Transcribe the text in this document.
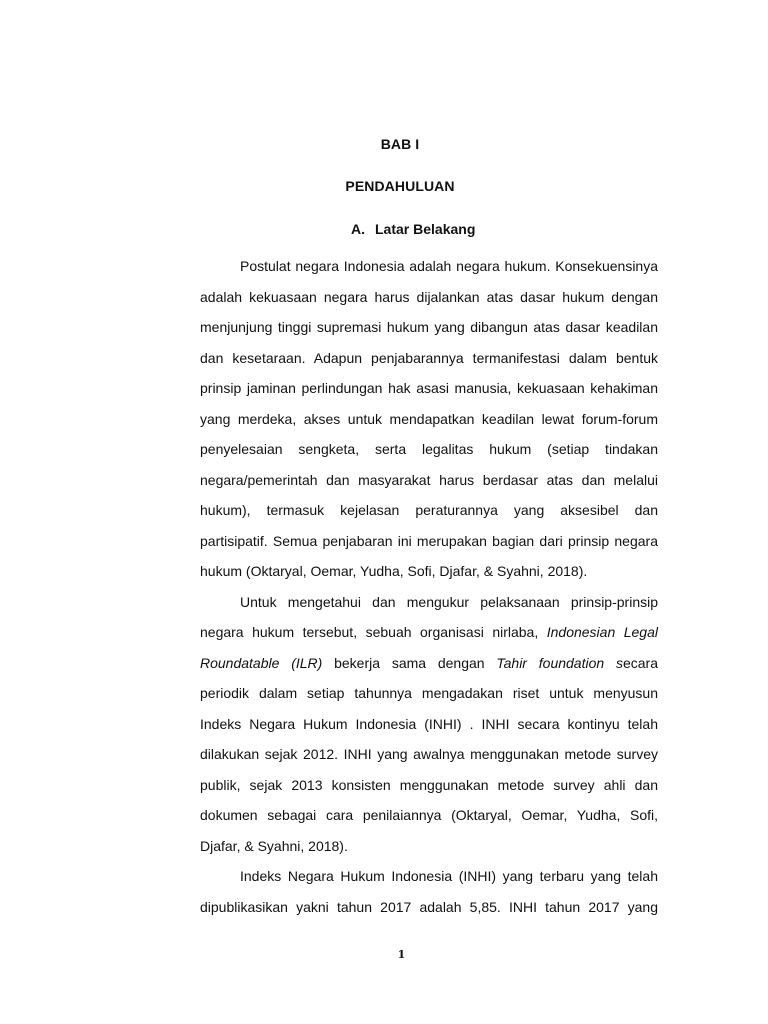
BAB I
PENDAHULUAN
A. Latar Belakang
Postulat negara Indonesia adalah negara hukum. Konsekuensinya
adalah kekuasaan negara harus dijalankan atas dasar hukum dengan
menjunjung tinggi supremasi hukum yang dibangun atas dasar keadilan
dan kesetaraan. Adapun penjabarannya termanifestasi dalam bentuk
prinsip jaminan perlindungan hak asasi manusia, kekuasaan kehakiman
yang merdeka, akses untuk mendapatkan keadilan lewat forum-forum
penyelesaian sengketa, serta legalitas hukum (setiap tindakan
negara/pemerintah dan masyarakat harus berdasar atas dan melalui
hukum), termasuk kejelasan peraturannya yang aksesibel dan
partisipatif. Semua penjabaran ini merupakan bagian dari prinsip negara
hukum (Oktaryal, Oemar, Yudha, Sofi, Djafar, & Syahni, 2018).
Untuk mengetahui dan mengukur pelaksanaan prinsip-prinsip
negara hukum tersebut, sebuah organisasi nirlaba, Indonesian Legal
Roundatable (ILR) bekerja sama dengan Tahir foundation secara
periodik dalam setiap tahunnya mengadakan riset untuk menyusun
Indeks Negara Hukum Indonesia (INHI) . INHI secara kontinyu telah
dilakukan sejak 2012. INHI yang awalnya menggunakan metode survey
publik, sejak 2013 konsisten menggunakan metode survey ahli dan
dokumen sebagai cara penilaiannya (Oktaryal, Oemar, Yudha, Sofi,
Djafar, & Syahni, 2018).
Indeks Negara Hukum Indonesia (INHI) yang terbaru yang telah
dipublikasikan yakni tahun 2017 adalah 5,85. INHI tahun 2017 yang
1
